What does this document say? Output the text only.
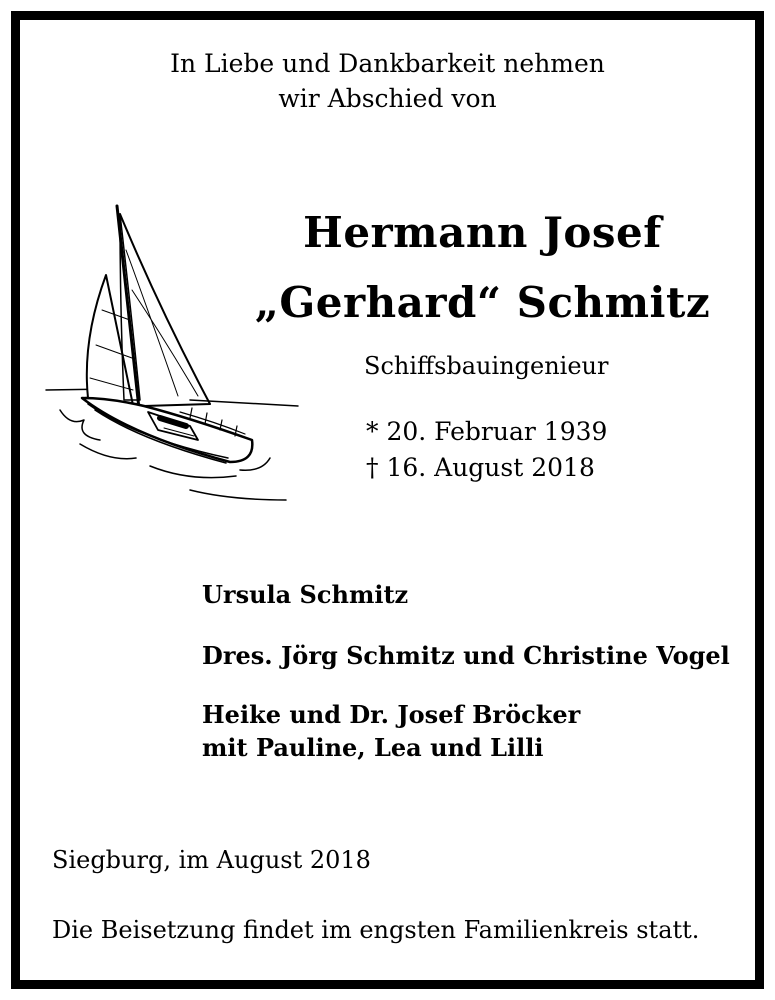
In Liebe und Dankbarkeit nehmen
wir Abschied von
Hermann Josef
„Gerhard“ Schmitz
Schiffsbauingenieur
* 20. Februar 1939
† 16. August 2018

Ursula Schmitz

Dres. Jörg Schmitz und Christine Vogel

Heike und Dr. Josef Bröcker

mit Pauline, Lea und Lilli

Siegburg, im August 2018
Die Beisetzung findet im engsten Familienkreis statt.
